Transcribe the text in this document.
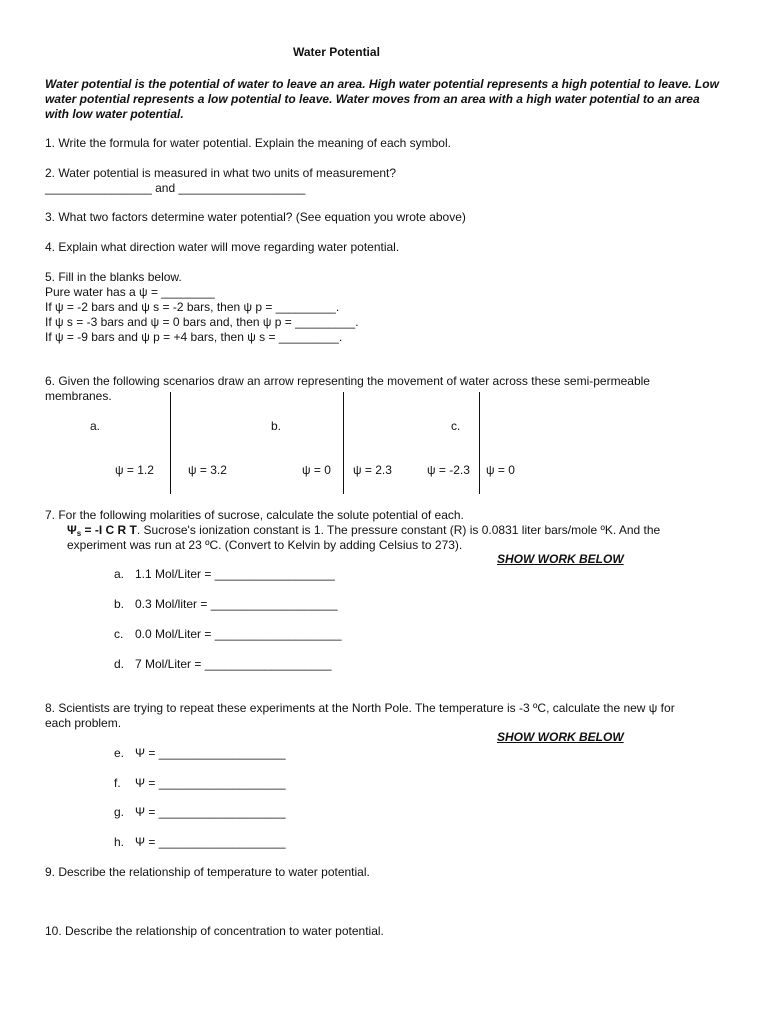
Water Potential
Water potential is the potential of water to leave an area. High water potential represents a high potential to leave. Low water potential represents a low potential to leave. Water moves from an area with a high water potential to an area with low water potential.
1. Write the formula for water potential. Explain the meaning of each symbol.
2. Water potential is measured in what two units of measurement?
________________ and ___________________
3. What two factors determine water potential? (See equation you wrote above)
4. Explain what direction water will move regarding water potential.
5. Fill in the blanks below.
Pure water has a ψ = ________
If ψ = -2 bars and ψ s = -2 bars, then ψ p = _________.
If ψ s = -3 bars and ψ = 0 bars and, then ψ p = _________.
If ψ = -9 bars and ψ p = +4 bars, then ψ s = _________.
6. Given the following scenarios draw an arrow representing the movement of water across these semi-permeable
membranes.
a.	b.	c.
ψ = 1.2	ψ = 3.2	ψ = 0 ψ = 2.3	ψ = -2.3 ψ = 0
7. For the following molarities of sucrose, calculate the solute potential of each.
$\Psi_s = -I$ C R T. Sucrose's ionization constant is 1. The pressure constant (R) is 0.0831 liter bars/mole ºK. And the
experiment was run at 23 ºC. (Convert to Kelvin by adding Celsius to 273).
SHOW WORK BELOW
a. 1.1 Mol/Liter = __________________
b. 0.3 Mol/liter = ___________________
c. 0.0 Mol/Liter = ___________________
d. 7 Mol/Liter = ___________________
8. Scientists are trying to repeat these experiments at the North Pole. The temperature is -3 ºC, calculate the new ψ for
each problem.
SHOW WORK BELOW
e. Ψ = ___________________
f. Ψ = ___________________
g. Ψ = ___________________
h. Ψ = ___________________
9. Describe the relationship of temperature to water potential.
10. Describe the relationship of concentration to water potential.
